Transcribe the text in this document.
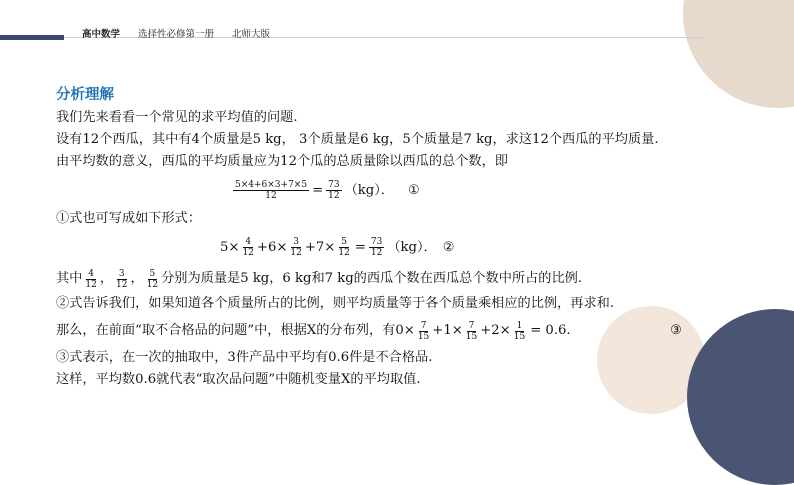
高中数学 选择性必修第一册 北师大版
分析理解
我们先来看看一个常见的求平均值的问题.
设有12个西瓜，其中有4个质量是5 kg， 3个质量是6 kg，5个质量是7 kg，求这12个西瓜的平均质量.
由平均数的意义，西瓜的平均质量应为12个瓜的总质量除以西瓜的总个数，即
$\frac{5\times 4+6\times 3+7\times 5}{12} = \frac{73}{12} (kg)$． ①
①式也可写成如下形式：
$5\times \frac{4}{12} +6\times \frac{3}{12} +7\times \frac{5}{12} = \frac{73}{12} (kg)$． ②
其中 $\frac{4}{12}$ ， $\frac{3}{12}$ ， $\frac{5}{12}$ 分别为质量是5 kg，6 kg和7 kg的西瓜个数在西瓜总个数中所占的比例.
②式告诉我们，如果知道各个质量所占的比例，则平均质量等于各个质量乘相应的比例，再求和.
那么，在前面“取不合格品的问题”中，根据X的分布列，有 $0\times \frac{7}{15} +1\times \frac{7}{15} +2\times \frac{1}{15} = 0.6$.	③
③式表示，在一次的抽取中，3件产品中平均有0.6件是不合格品.
这样，平均数0.6就代表“取次品问题”中随机变量X的平均取值.
